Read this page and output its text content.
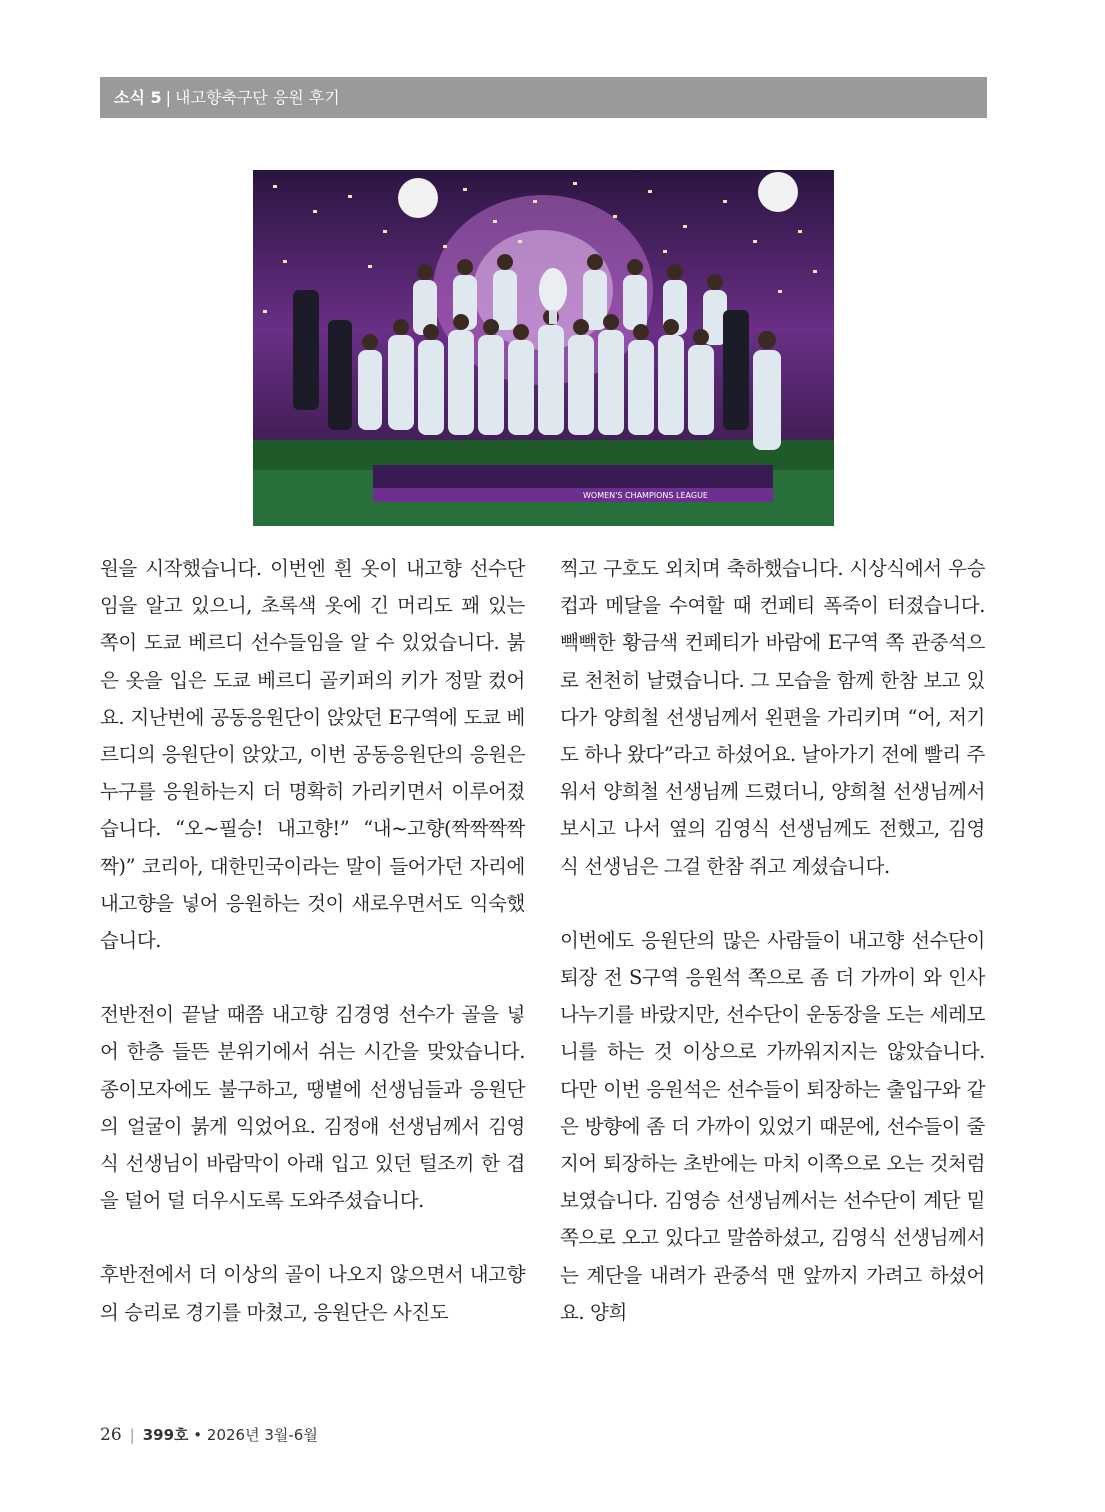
소식 5 | 내고향축구단 응원 후기
WOMEN'S CHAMPIONS LEAGUE

원을 시작했습니다. 이번엔 흰 옷이 내고향 선수단임을 알고 있으니, 초록색 옷에 긴 머리도 꽤 있는 쪽이 도쿄 베르디 선수들임을 알 수 있었습니다. 붉은 옷을 입은 도쿄 베르디 골키퍼의 키가 정말 컸어요. 지난번에 공동응원단이 앉았던 E구역에 도쿄 베르디의 응원단이 앉았고, 이번 공동응원단의 응원은 누구를 응원하는지 더 명확히 가리키면서 이루어졌습니다. “오~필승! 내고향!” “내~고향(짝짝짝짝짝)” 코리아, 대한민국이라는 말이 들어가던 자리에 내고향을 넣어 응원하는 것이 새로우면서도 익숙했습니다.

전반전이 끝날 때쯤 내고향 김경영 선수가 골을 넣어 한층 들뜬 분위기에서 쉬는 시간을 맞았습니다. 종이모자에도 불구하고, 땡볕에 선생님들과 응원단의 얼굴이 붉게 익었어요. 김정애 선생님께서 김영식 선생님이 바람막이 아래 입고 있던 털조끼 한 겹을 덜어 덜 더우시도록 도와주셨습니다.

후반전에서 더 이상의 골이 나오지 않으면서 내고향의 승리로 경기를 마쳤고, 응원단은 사진도

찍고 구호도 외치며 축하했습니다. 시상식에서 우승컵과 메달을 수여할 때 컨페티 폭죽이 터졌습니다. 빽빽한 황금색 컨페티가 바람에 E구역 쪽 관중석으로 천천히 날렸습니다. 그 모습을 함께 한참 보고 있다가 양희철 선생님께서 왼편을 가리키며 “어, 저기도 하나 왔다”라고 하셨어요. 날아가기 전에 빨리 주워서 양희철 선생님께 드렸더니, 양희철 선생님께서 보시고 나서 옆의 김영식 선생님께도 전했고, 김영식 선생님은 그걸 한참 쥐고 계셨습니다.

이번에도 응원단의 많은 사람들이 내고향 선수단이 퇴장 전 S구역 응원석 쪽으로 좀 더 가까이 와 인사 나누기를 바랐지만, 선수단이 운동장을 도는 세레모니를 하는 것 이상으로 가까워지지는 않았습니다. 다만 이번 응원석은 선수들이 퇴장하는 출입구와 같은 방향에 좀 더 가까이 있었기 때문에, 선수들이 줄지어 퇴장하는 초반에는 마치 이쪽으로 오는 것처럼 보였습니다. 김영승 선생님께서는 선수단이 계단 밑 쪽으로 오고 있다고 말씀하셨고, 김영식 선생님께서는 계단을 내려가 관중석 맨 앞까지 가려고 하셨어요. 양희

26 | 399호 • 2026년 3월-6월
